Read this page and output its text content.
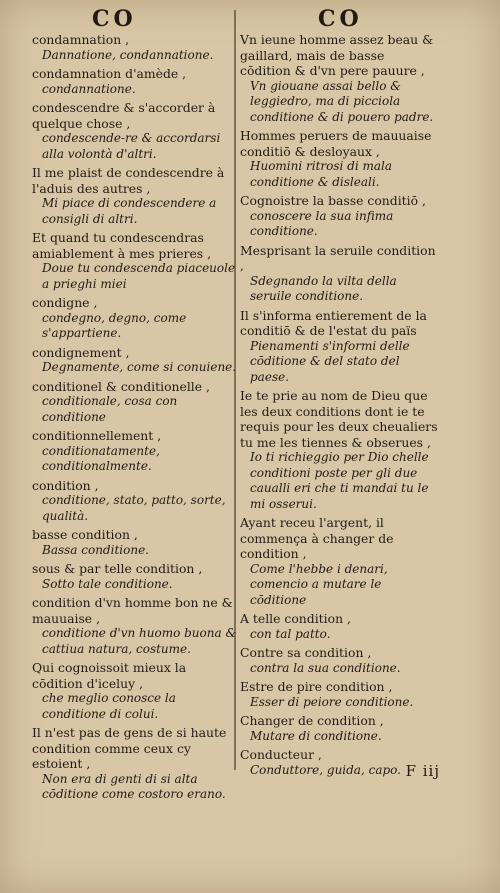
CO	CO
condamnation ,
Dannatione, condannatione.
condamnation d'amède ,
condannatione.
condescendre & s'accorder à quelque chose ,
condescende-re & accordarsi alla volontà d'altri.
Il me plaist de condescendre à l'aduis des autres ,
Mi piace di condescendere a consigli di altri.
Et quand tu condescendras amiablement à mes prieres ,
Doue tu condescenda piaceuole a prieghi miei
condigne ,
condegno, degno, come s'appartiene.
condignement ,
Degnamente, come si conuiene.
conditionel & conditionelle ,
conditionale, cosa con conditione
conditionnellement ,
conditionatamente, conditionalmente.
condition ,
conditione, stato, patto, sorte, qualità.
basse condition ,
Bassa conditione.
sous & par telle condition ,
Sotto tale conditione.
condition d'vn homme bon ne & mauuaise ,
conditione d'vn huomo buona & cattiua natura, costume.
Qui cognoissoit mieux la cōdition d'iceluy ,
che meglio conosce la conditione di colui.
Il n'est pas de gens de si haute condition comme ceux cy estoient ,
Non era di genti di si alta cōditione come costoro erano.
Vn ieune homme assez beau & gaillard, mais de basse cōdition & d'vn pere pauure ,
Vn giouane assai bello & leggiedro, ma di picciola conditione & di pouero padre.
Hommes peruers de mauuaise conditiō & desloyaux ,
Huomini ritrosi di mala conditione & disleali.
Cognoistre la basse conditiō ,
conoscere la sua infima conditione.
Mesprisant la seruile condition ,
Sdegnando la vilta della seruile conditione.
Il s'informa entierement de la conditiō & de l'estat du païs
Pienamenti s'informi delle cōditione & del stato del paese.
Ie te prie au nom de Dieu que les deux conditions dont ie te requis pour les deux cheualiers tu me les tiennes & obserues ,
Io ti richieggio per Dio chelle conditioni poste per gli due caualli eri che ti mandai tu le mi osserui.
Ayant receu l'argent, il commença à changer de condition ,
Come l'hebbe i denari, comencio a mutare le cōditione
A telle condition ,
con tal patto.
Contre sa condition ,
contra la sua conditione.
Estre de pire condition ,
Esser di peiore conditione.
Changer de condition ,
Mutare di conditione.
Conducteur ,
Conduttore, guida, capo. F iij
